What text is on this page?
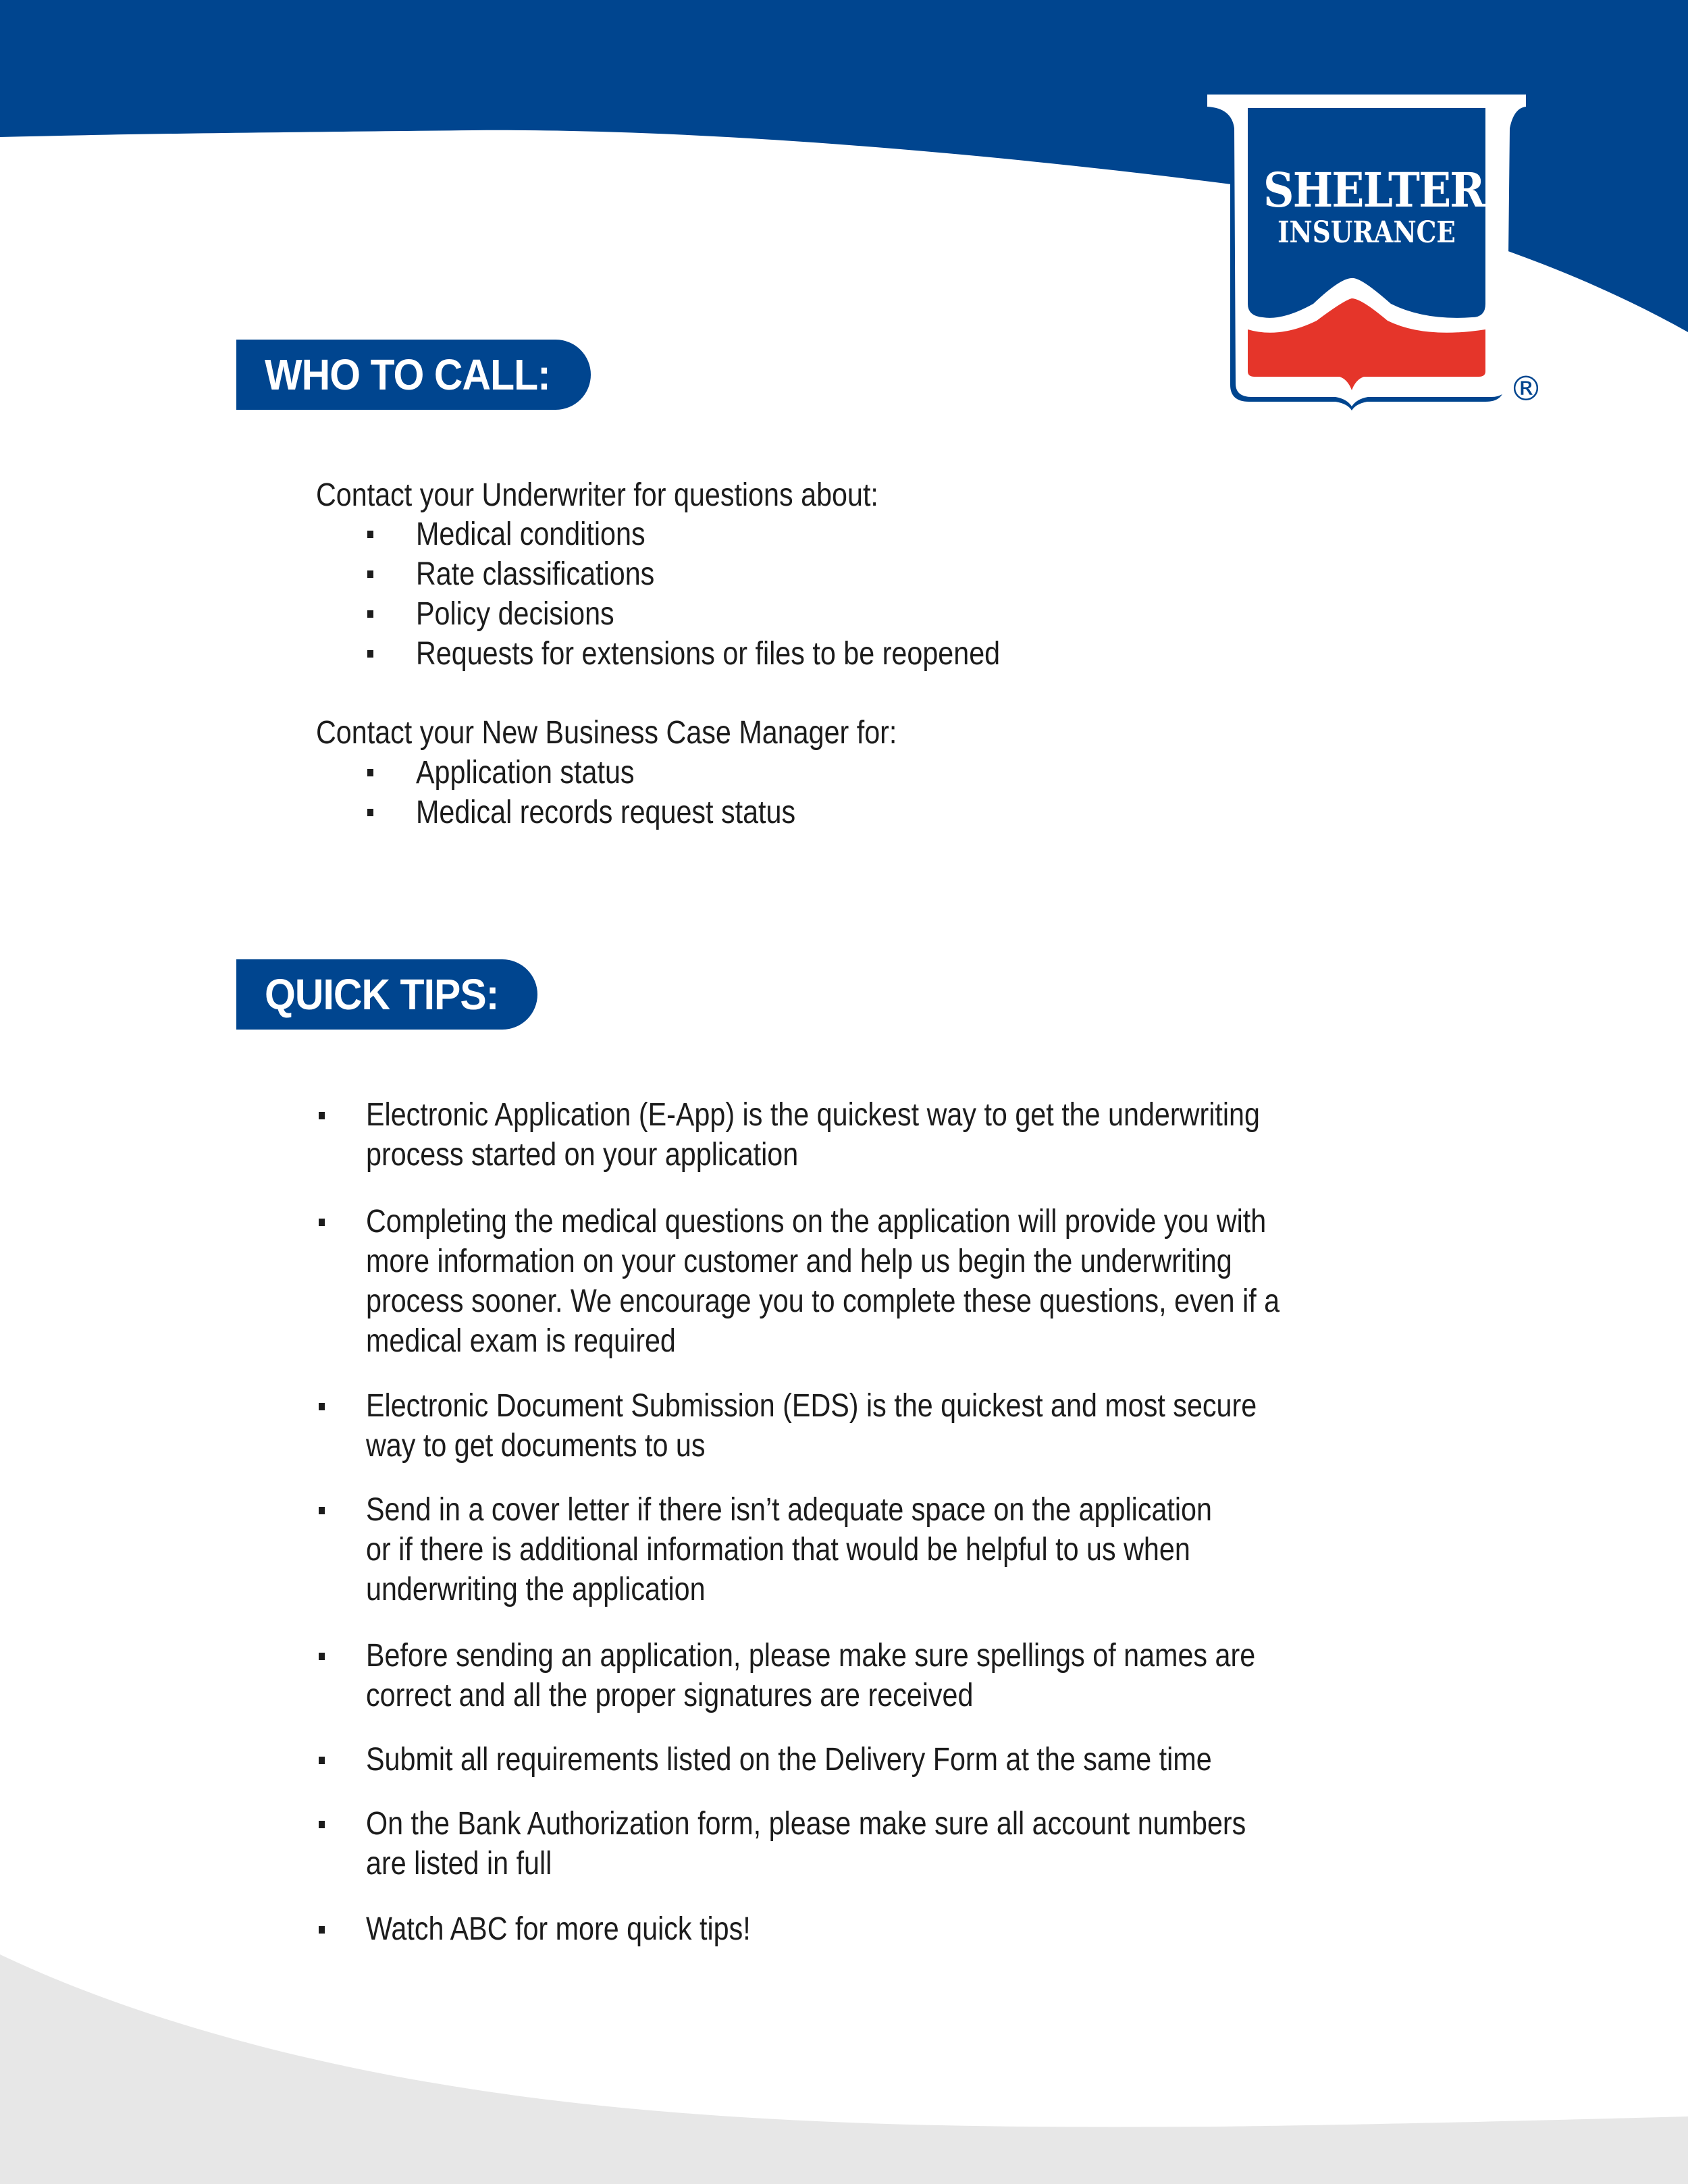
SHELTER
INSURANCE
®
WHO TO CALL:
Contact your Underwriter for questions about:
Medical conditions
Rate classifications
Policy decisions
Requests for extensions or files to be reopened
Contact your New Business Case Manager for:
Application status
Medical records request status
QUICK TIPS:
Electronic Application (E-App) is the quickest way to get the underwriting
process started on your application
Completing the medical questions on the application will provide you with
more information on your customer and help us begin the underwriting
process sooner. We encourage you to complete these questions, even if a
medical exam is required
Electronic Document Submission (EDS) is the quickest and most secure
way to get documents to us
Send in a cover letter if there isn’t adequate space on the application
or if there is additional information that would be helpful to us when
underwriting the application
Before sending an application, please make sure spellings of names are
correct and all the proper signatures are received
Submit all requirements listed on the Delivery Form at the same time
On the Bank Authorization form, please make sure all account numbers
are listed in full
Watch ABC for more quick tips!
